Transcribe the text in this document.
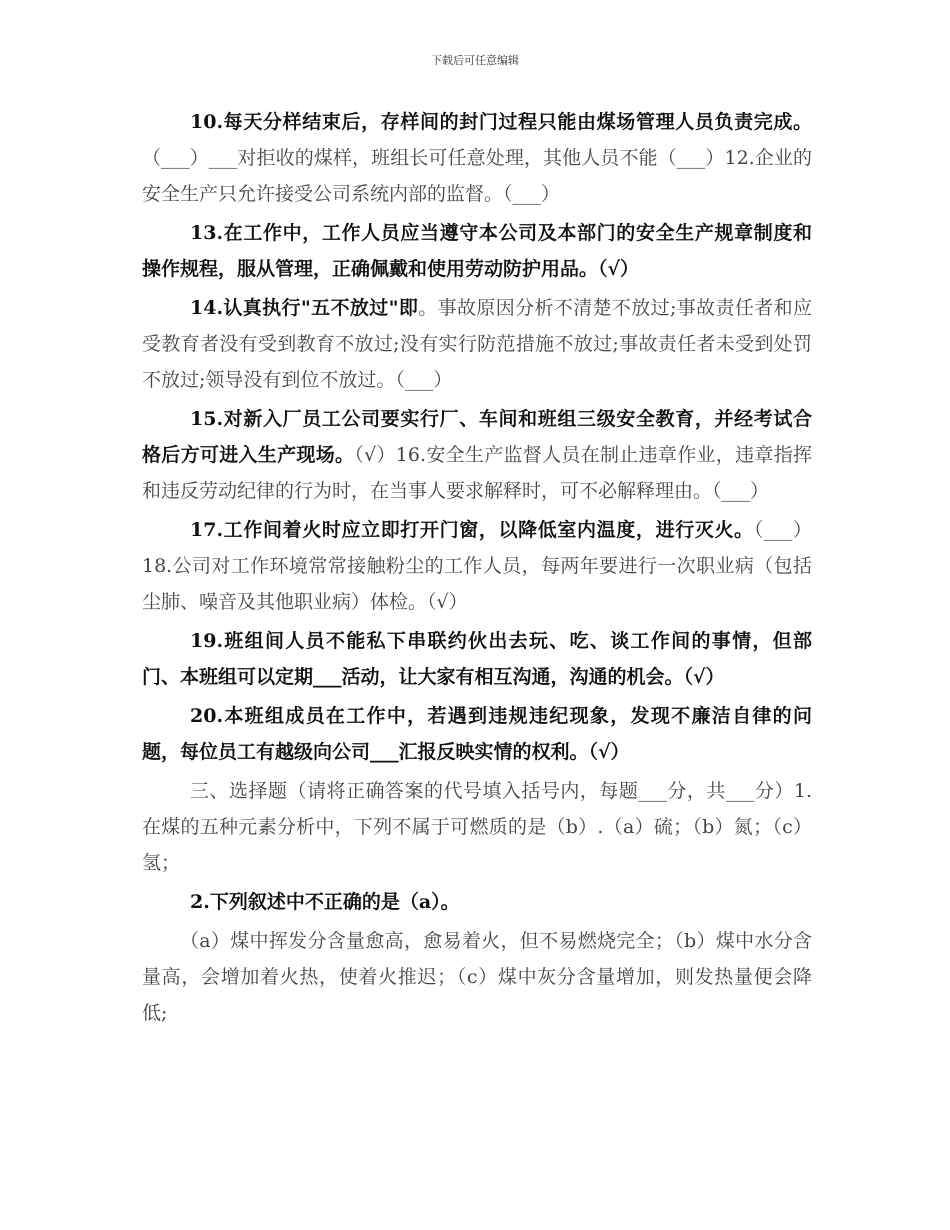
下载后可任意编辑

10.每天分样结束后，存样间的封门过程只能由煤场管理人员负责完成。（___）___对拒收的煤样，班组长可任意处理，其他人员不能（___）12.企业的安全生产只允许接受公司系统内部的监督。（___）

13.在工作中，工作人员应当遵守本公司及本部门的安全生产规章制度和操作规程，服从管理，正确佩戴和使用劳动防护用品。（√）

14.认真执行"五不放过"即。事故原因分析不清楚不放过;事故责任者和应受教育者没有受到教育不放过;没有实行防范措施不放过;事故责任者未受到处罚不放过;领导没有到位不放过。（___）

15.对新入厂员工公司要实行厂、车间和班组三级安全教育，并经考试合格后方可进入生产现场。（√）16.安全生产监督人员在制止违章作业，违章指挥和违反劳动纪律的行为时，在当事人要求解释时，可不必解释理由。（___）

17.工作间着火时应立即打开门窗，以降低室内温度，进行灭火。（___）18.公司对工作环境常常接触粉尘的工作人员，每两年要进行一次职业病（包括尘肺、噪音及其他职业病）体检。（√）

19.班组间人员不能私下串联约伙出去玩、吃、谈工作间的事情，但部门、本班组可以定期___活动，让大家有相互沟通，沟通的机会。（√）

20.本班组成员在工作中，若遇到违规违纪现象，发现不廉洁自律的问题，每位员工有越级向公司___汇报反映实情的权利。（√）

三、选择题（请将正确答案的代号填入括号内，每题___分，共___分）1.在煤的五种元素分析中，下列不属于可燃质的是（b）.（a）硫；（b）氮；（c）氢；

2.下列叙述中不正确的是（a）。

（a）煤中挥发分含量愈高，愈易着火，但不易燃烧完全；（b）煤中水分含量高，会增加着火热，使着火推迟；（c）煤中灰分含量增加，则发热量便会降低;
